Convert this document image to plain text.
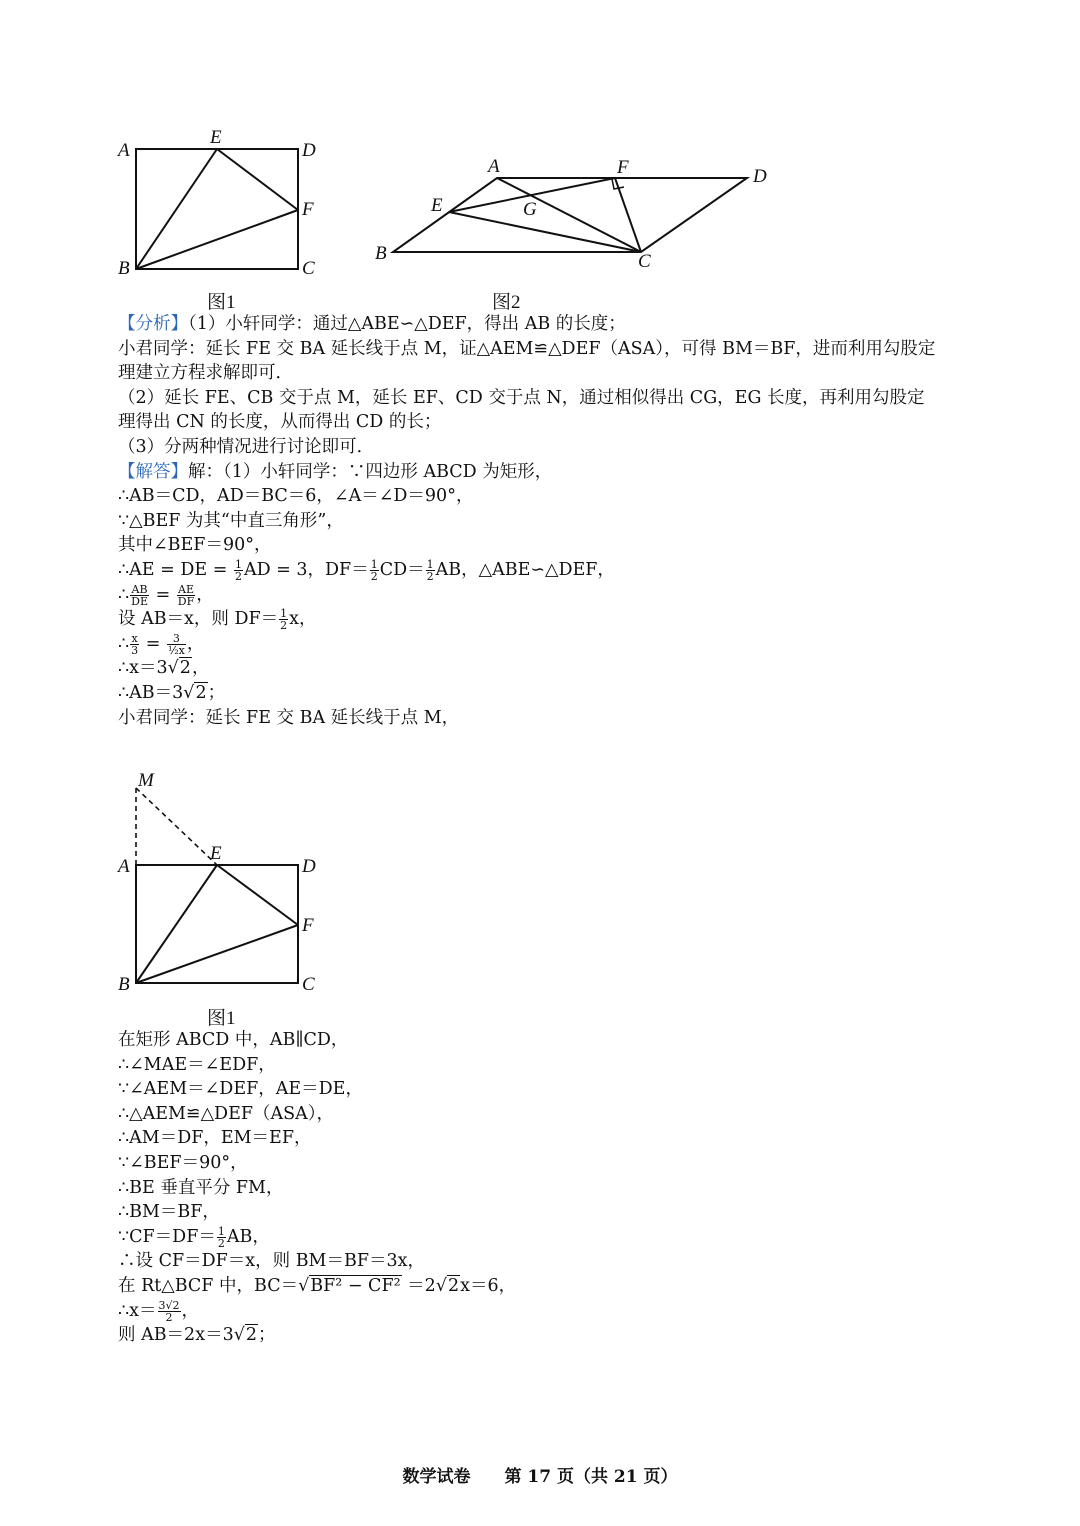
A
E
D
F
B	C
图1
A	F	D
E	G
B	C
图2
【分析】（1）小轩同学：通过△ABE∽△DEF，得出 AB 的长度；
小君同学：延长 FE 交 BA 延长线于点 M，证△AEM≌△DEF（ASA），可得 BM＝BF，进而利用勾股定
理建立方程求解即可．
（2）延长 FE、CB 交于点 M，延长 EF、CD 交于点 N，通过相似得出 CG，EG 长度，再利用勾股定
理得出 CN 的长度，从而得出 CD 的长；
（3）分两种情况进行讨论即可．
【解答】解：（1）小轩同学：∵四边形 ABCD 为矩形，
∴AB＝CD，AD＝BC＝6，∠A＝∠D＝90°，
∵△BEF 为其“中直三角形”，
其中∠BEF＝90°，
∴AE = DE = $\frac{1}{2}$ AD = 3，$DF= \frac{1}{2} CD= \frac{1}{2}$ AB，△ABE∽△DEF，
∴ $\frac{AB}{DE} = \frac{AE}{DF}$ ，
设 AB＝x，则 $DF= \frac{1}{2}$ x，
∴ $\frac{x}{3} = \frac{3}{\text{½x}}$ ，
∴x＝3√2，
∴AB＝3√2；
小君同学：延长 FE 交 BA 延长线于点 M，
M
A
E
D
F
B	C
图1
在矩形 ABCD 中，AB∥CD，
∴∠MAE＝∠EDF，
∵∠AEM＝∠DEF，AE＝DE，
∴△AEM≌△DEF（ASA），
∴AM＝DF，EM＝EF，
∵∠BEF＝90°，
∴BE 垂直平分 FM，
∴BM＝BF，
∵CF＝DF＝ $\frac{1}{2}$ AB，
∴设 CF＝DF＝x，则 BM＝BF＝3x，
在 Rt△BCF 中，BC＝√BF² − CF² ＝2√2x＝6，
∴x＝ $\frac{3√2}{2}$ ，
则 AB＝2x＝3√2；
数学试卷　　第 17 页（共 21 页）
